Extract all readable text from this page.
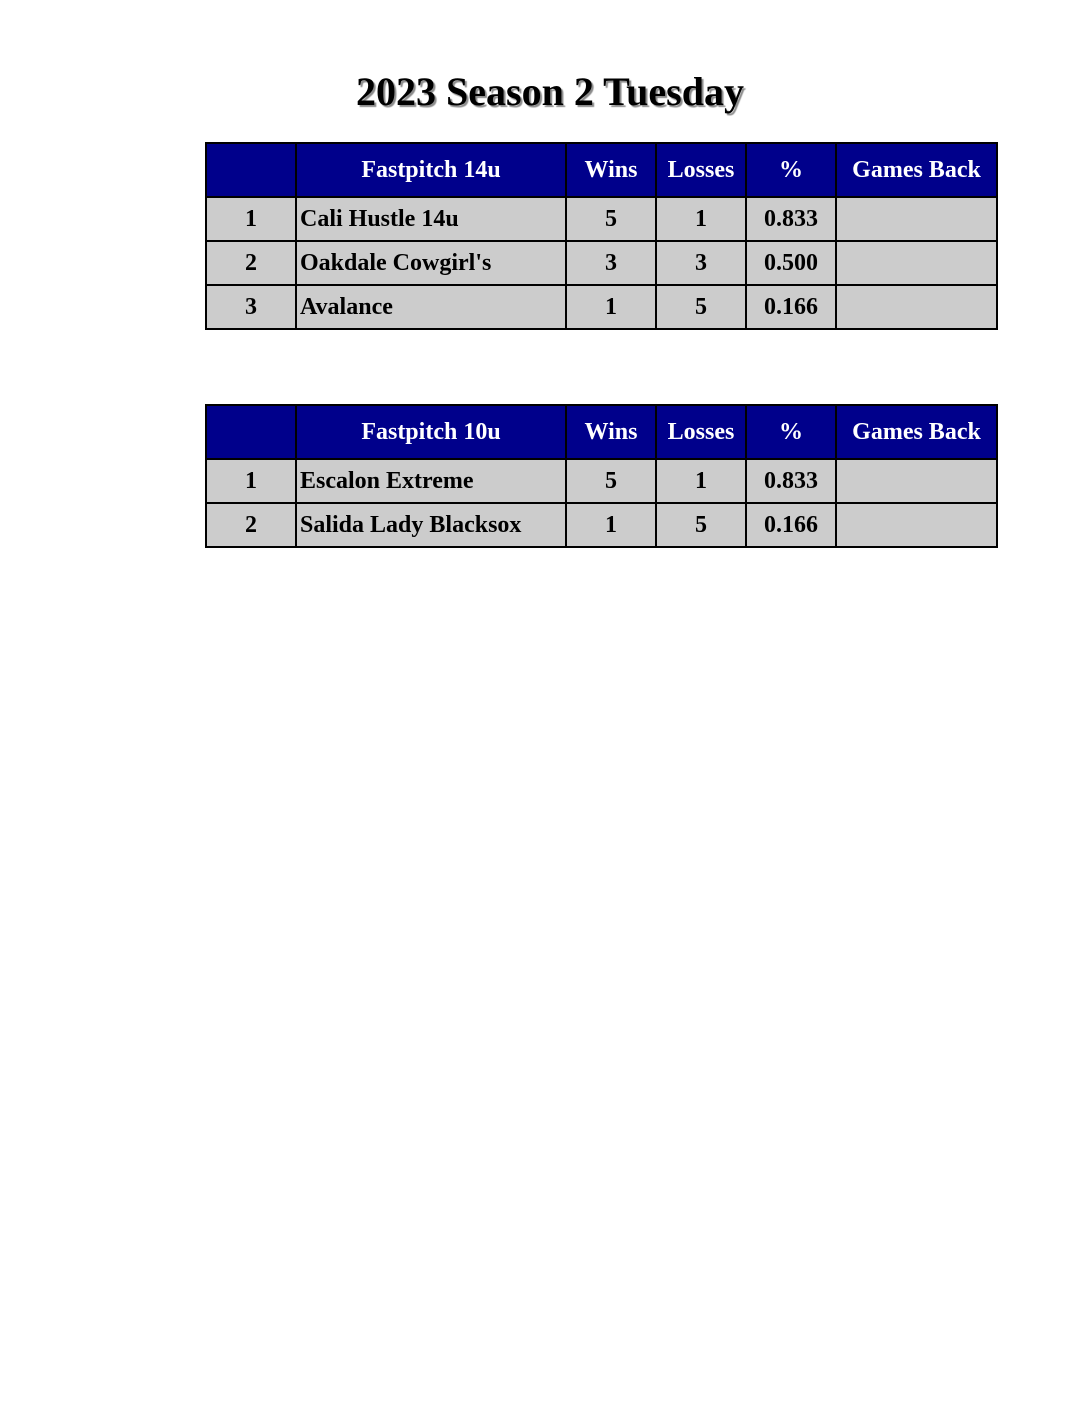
2023 Season 2 Tuesday
	Fastpitch 14u	Wins	Losses	%	Games Back
1	Cali Hustle 14u	5	1	0.833	
2	Oakdale Cowgirl's	3	3	0.500	
3	Avalance	1	5	0.166	
	Fastpitch 10u	Wins	Losses	%	Games Back
1	Escalon Extreme	5	1	0.833	
2	Salida Lady Blacksox	1	5	0.166	
